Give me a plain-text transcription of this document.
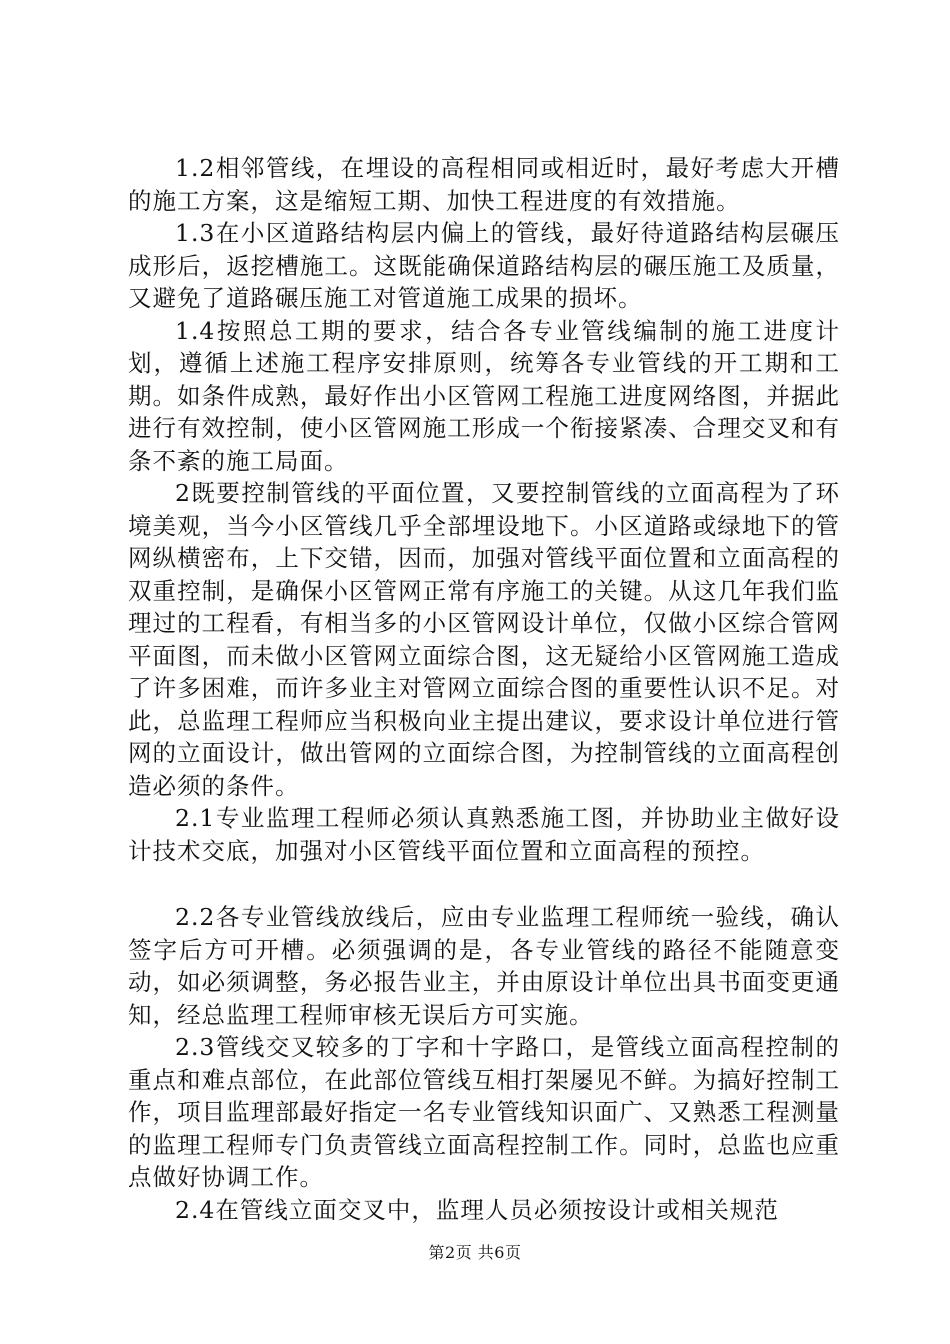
1.2相邻管线，在埋设的高程相同或相近时，最好考虑大开槽的施工方案，这是缩短工期、加快工程进度的有效措施。

1.3在小区道路结构层内偏上的管线，最好待道路结构层碾压成形后，返挖槽施工。这既能确保道路结构层的碾压施工及质量，又避免了道路碾压施工对管道施工成果的损坏。

1.4按照总工期的要求，结合各专业管线编制的施工进度计划，遵循上述施工程序安排原则，统筹各专业管线的开工期和工期。如条件成熟，最好作出小区管网工程施工进度网络图，并据此进行有效控制，使小区管网施工形成一个衔接紧凑、合理交叉和有条不紊的施工局面。

2既要控制管线的平面位置，又要控制管线的立面高程为了环境美观，当今小区管线几乎全部埋设地下。小区道路或绿地下的管网纵横密布，上下交错，因而，加强对管线平面位置和立面高程的双重控制，是确保小区管网正常有序施工的关键。从这几年我们监理过的工程看，有相当多的小区管网设计单位，仅做小区综合管网平面图，而未做小区管网立面综合图，这无疑给小区管网施工造成了许多困难，而许多业主对管网立面综合图的重要性认识不足。对此，总监理工程师应当积极向业主提出建议，要求设计单位进行管网的立面设计，做出管网的立面综合图，为控制管线的立面高程创造必须的条件。

2.1专业监理工程师必须认真熟悉施工图，并协助业主做好设计技术交底，加强对小区管线平面位置和立面高程的预控。

2.2各专业管线放线后，应由专业监理工程师统一验线，确认签字后方可开槽。必须强调的是，各专业管线的路径不能随意变动，如必须调整，务必报告业主，并由原设计单位出具书面变更通知，经总监理工程师审核无误后方可实施。

2.3管线交叉较多的丁字和十字路口，是管线立面高程控制的重点和难点部位，在此部位管线互相打架屡见不鲜。为搞好控制工作，项目监理部最好指定一名专业管线知识面广、又熟悉工程测量的监理工程师专门负责管线立面高程控制工作。同时，总监也应重点做好协调工作。

2.4在管线立面交叉中，监理人员必须按设计或相关规范

第2页 共6页
